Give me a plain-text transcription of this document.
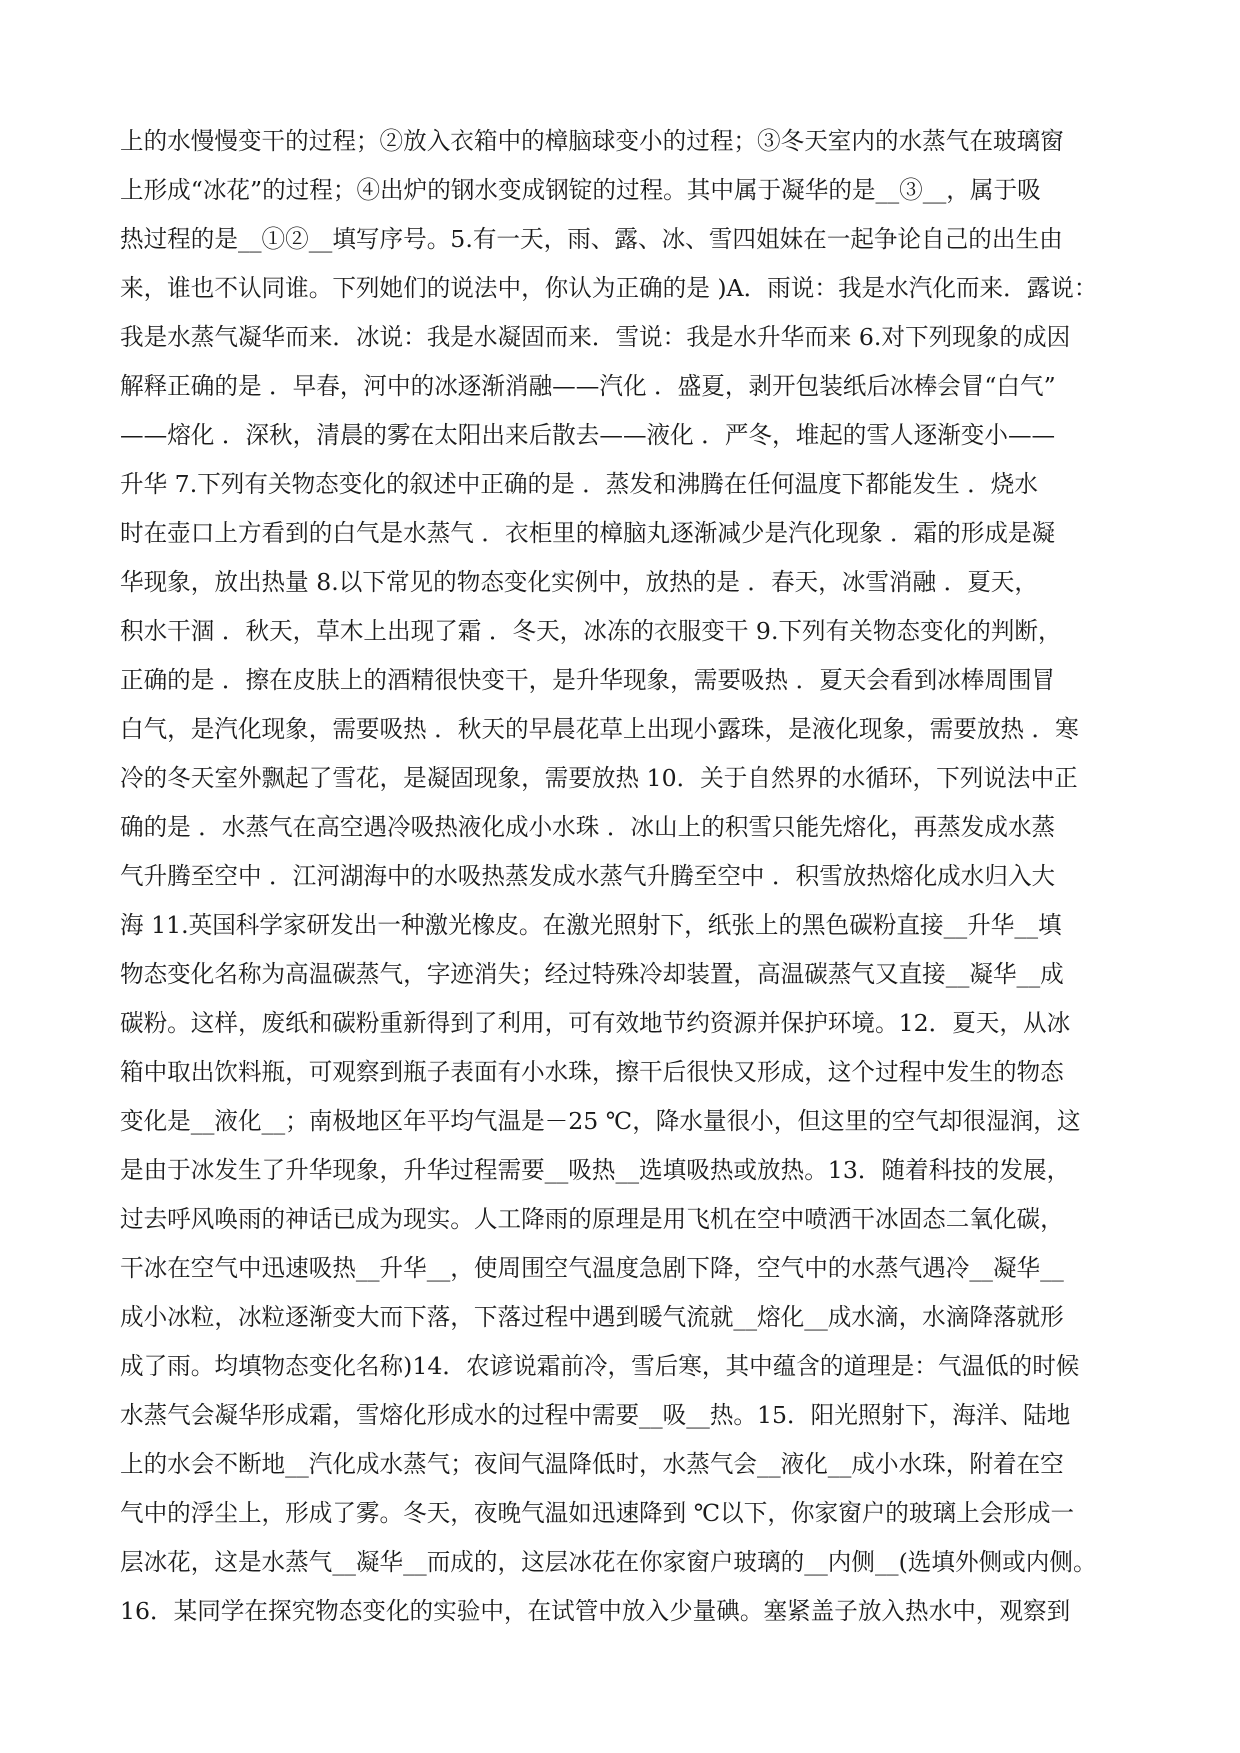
上的水慢慢变干的过程；②放入衣箱中的樟脑球变小的过程；③冬天室内的水蒸气在玻璃窗
上形成“冰花”的过程；④出炉的钢水变成钢锭的过程。其中属于凝华的是__③__，属于吸
热过程的是__①②__填写序号。5.有一天，雨、露、冰、雪四姐妹在一起争论自己的出生由
来，谁也不认同谁。下列她们的说法中，你认为正确的是 )A．雨说：我是水汽化而来．露说：
我是水蒸气凝华而来．冰说：我是水凝固而来．雪说：我是水升华而来 6.对下列现象的成因
解释正确的是 ．早春，河中的冰逐渐消融——汽化 ．盛夏，剥开包装纸后冰棒会冒“白气”
——熔化 ．深秋，清晨的雾在太阳出来后散去——液化 ．严冬，堆起的雪人逐渐变小——
升华 7.下列有关物态变化的叙述中正确的是 ．蒸发和沸腾在任何温度下都能发生 ．烧水
时在壶口上方看到的白气是水蒸气 ．衣柜里的樟脑丸逐渐减少是汽化现象 ．霜的形成是凝
华现象，放出热量 8.以下常见的物态变化实例中，放热的是 ．春天，冰雪消融 ．夏天，
积水干涸 ．秋天，草木上出现了霜 ．冬天，冰冻的衣服变干 9.下列有关物态变化的判断，
正确的是 ．擦在皮肤上的酒精很快变干，是升华现象，需要吸热 ．夏天会看到冰棒周围冒
白气，是汽化现象，需要吸热 ．秋天的早晨花草上出现小露珠，是液化现象，需要放热 ．寒
冷的冬天室外飘起了雪花，是凝固现象，需要放热 10．关于自然界的水循环，下列说法中正
确的是 ．水蒸气在高空遇冷吸热液化成小水珠 ．冰山上的积雪只能先熔化，再蒸发成水蒸
气升腾至空中 ．江河湖海中的水吸热蒸发成水蒸气升腾至空中 ．积雪放热熔化成水归入大
海 11.英国科学家研发出一种激光橡皮。在激光照射下，纸张上的黑色碳粉直接__升华__填
物态变化名称为高温碳蒸气，字迹消失；经过特殊冷却装置，高温碳蒸气又直接__凝华__成
碳粉。这样，废纸和碳粉重新得到了利用，可有效地节约资源并保护环境。12．夏天，从冰
箱中取出饮料瓶，可观察到瓶子表面有小水珠，擦干后很快又形成，这个过程中发生的物态
变化是__液化__；南极地区年平均气温是－25 ℃，降水量很小，但这里的空气却很湿润，这
是由于冰发生了升华现象，升华过程需要__吸热__选填吸热或放热。13．随着科技的发展，
过去呼风唤雨的神话已成为现实。人工降雨的原理是用飞机在空中喷洒干冰固态二氧化碳，
干冰在空气中迅速吸热__升华__，使周围空气温度急剧下降，空气中的水蒸气遇冷__凝华__
成小冰粒，冰粒逐渐变大而下落，下落过程中遇到暖气流就__熔化__成水滴，水滴降落就形
成了雨。均填物态变化名称)14．农谚说霜前冷，雪后寒，其中蕴含的道理是：气温低的时候
水蒸气会凝华形成霜，雪熔化形成水的过程中需要__吸__热。15．阳光照射下，海洋、陆地
上的水会不断地__汽化成水蒸气；夜间气温降低时，水蒸气会__液化__成小水珠，附着在空
气中的浮尘上，形成了雾。冬天，夜晚气温如迅速降到 ℃以下，你家窗户的玻璃上会形成一
层冰花，这是水蒸气__凝华__而成的，这层冰花在你家窗户玻璃的__内侧__(选填外侧或内侧。
16．某同学在探究物态变化的实验中，在试管中放入少量碘。塞紧盖子放入热水中，观察到
